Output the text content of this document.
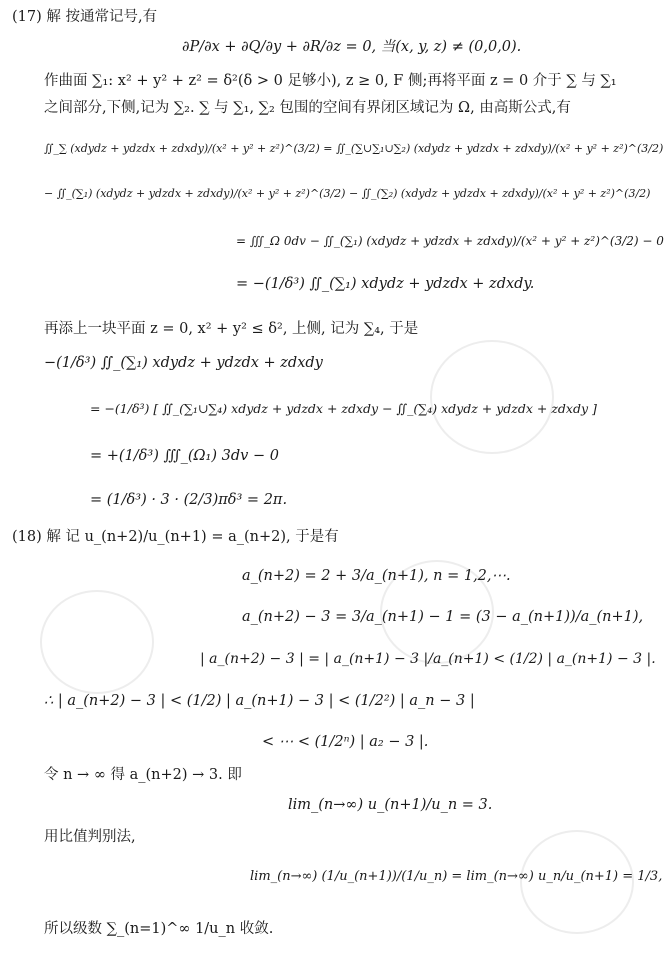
(17) 解 按通常记号,有
∂P/∂x + ∂Q/∂y + ∂R/∂z = 0, 当(x, y, z) ≠ (0,0,0).
作曲面 ∑₁: x² + y² + z² = δ²(δ > 0 足够小), z ≥ 0, F 侧;再将平面 z = 0 介于 ∑ 与 ∑₁
之间部分,下侧,记为 ∑₂. ∑ 与 ∑₁, ∑₂ 包围的空间有界闭区域记为 Ω, 由高斯公式,有
∬_∑ (xdydz + ydzdx + zdxdy)/(x² + y² + z²)^(3/2) = ∬_(∑∪∑₁∪∑₂) (xdydz + ydzdx + zdxdy)/(x² + y² + z²)^(3/2)
− ∬_(∑₁) (xdydz + ydzdx + zdxdy)/(x² + y² + z²)^(3/2) − ∬_(∑₂) (xdydz + ydzdx + zdxdy)/(x² + y² + z²)^(3/2)
= ∭_Ω 0dv − ∬_(∑₁) (xdydz + ydzdx + zdxdy)/(x² + y² + z²)^(3/2) − 0
= −(1/δ³) ∬_(∑₁) xdydz + ydzdx + zdxdy.
再添上一块平面 z = 0, x² + y² ≤ δ², 上侧, 记为 ∑₄, 于是
−(1/δ³) ∬_(∑₁) xdydz + ydzdx + zdxdy
= −(1/δ³) [ ∬_(∑₁∪∑₄) xdydz + ydzdx + zdxdy − ∬_(∑₄) xdydz + ydzdx + zdxdy ]
= +(1/δ³) ∭_(Ω₁) 3dv − 0
= (1/δ³) · 3 · (2/3)πδ³ = 2π.
(18) 解 记 u_(n+2)/u_(n+1) = a_(n+2), 于是有
a_(n+2) = 2 + 3/a_(n+1), n = 1,2,⋯.
a_(n+2) − 3 = 3/a_(n+1) − 1 = (3 − a_(n+1))/a_(n+1),
| a_(n+2) − 3 | = | a_(n+1) − 3 |/a_(n+1) < (1/2) | a_(n+1) − 3 |.
∴ | a_(n+2) − 3 | < (1/2) | a_(n+1) − 3 | < (1/2²) | a_n − 3 |
< ⋯ < (1/2ⁿ) | a₂ − 3 |.
令 n → ∞ 得 a_(n+2) → 3. 即
lim_(n→∞) u_(n+1)/u_n = 3.
用比值判别法,
lim_(n→∞) (1/u_(n+1))/(1/u_n) = lim_(n→∞) u_n/u_(n+1) = 1/3,
所以级数 ∑_(n=1)^∞ 1/u_n 收敛.
